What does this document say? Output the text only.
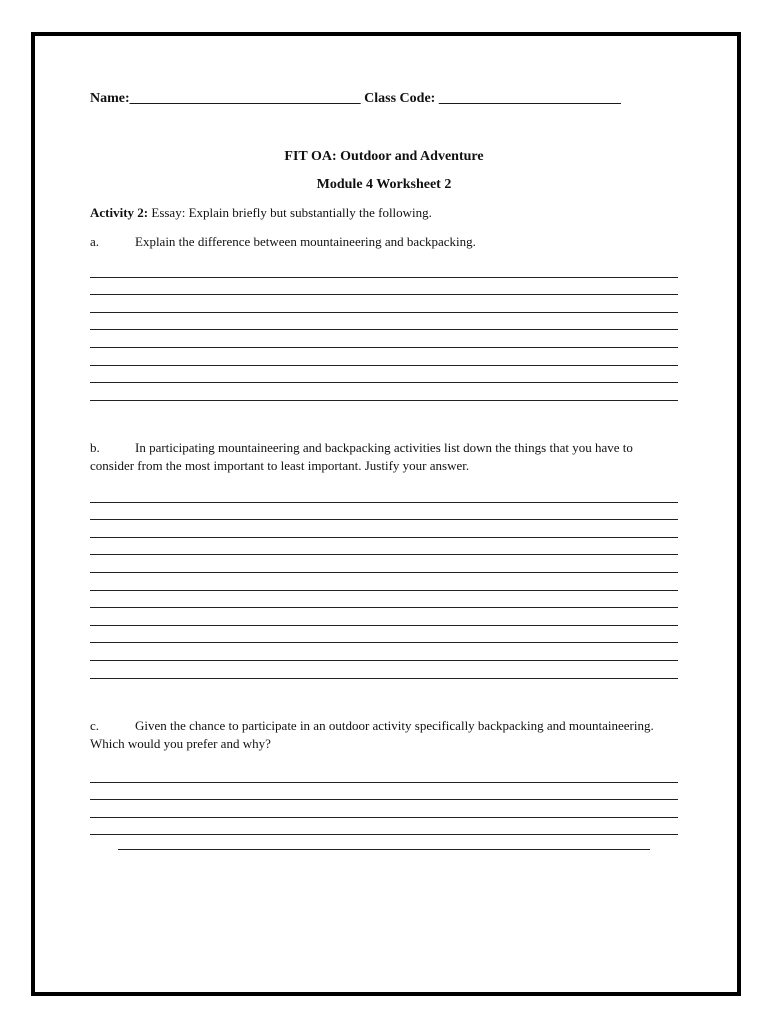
Name:_________________________________ Class Code: __________________________
FIT OA: Outdoor and Adventure
Module 4 Worksheet 2
Activity 2: Essay: Explain briefly but substantially the following.
a.	Explain the difference between mountaineering and backpacking.
b.	In participating mountaineering and backpacking activities list down the things that you have to consider from the most important to least important. Justify your answer.
c.	Given the chance to participate in an outdoor activity specifically backpacking and mountaineering. Which would you prefer and why?
